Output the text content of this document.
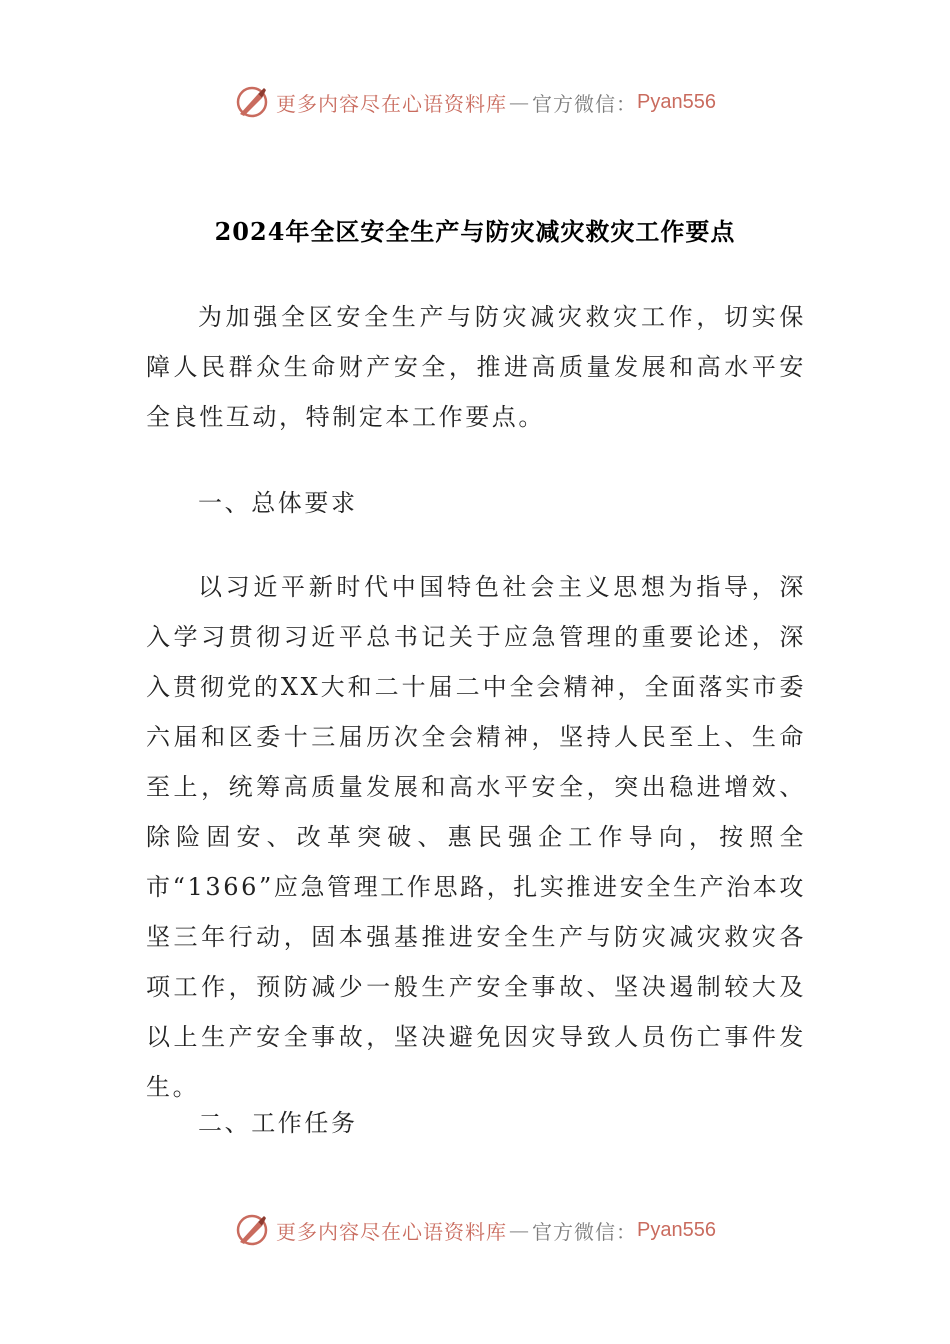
更多内容尽在心语资料库 — 官方微信： Pyan556
2024年全区安全生产与防灾减灾救灾工作要点

为加强全区安全生产与防灾减灾救灾工作，切实保障人民群众生命财产安全，推进高质量发展和高水平安全良性互动，特制定本工作要点。

一、总体要求

以习近平新时代中国特色社会主义思想为指导，深入学习贯彻习近平总书记关于应急管理的重要论述，深入贯彻党的XX大和二十届二中全会精神，全面落实市委六届和区委十三届历次全会精神，坚持人民至上、生命至上，统筹高质量发展和高水平安全，突出稳进增效、除险固安、改革突破、惠民强企工作导向，按照全市“1366”应急管理工作思路，扎实推进安全生产治本攻坚三年行动，固本强基推进安全生产与防灾减灾救灾各项工作，预防减少一般生产安全事故、坚决遏制较大及以上生产安全事故，坚决避免因灾导致人员伤亡事件发生。

二、工作任务

更多内容尽在心语资料库 — 官方微信： Pyan556
